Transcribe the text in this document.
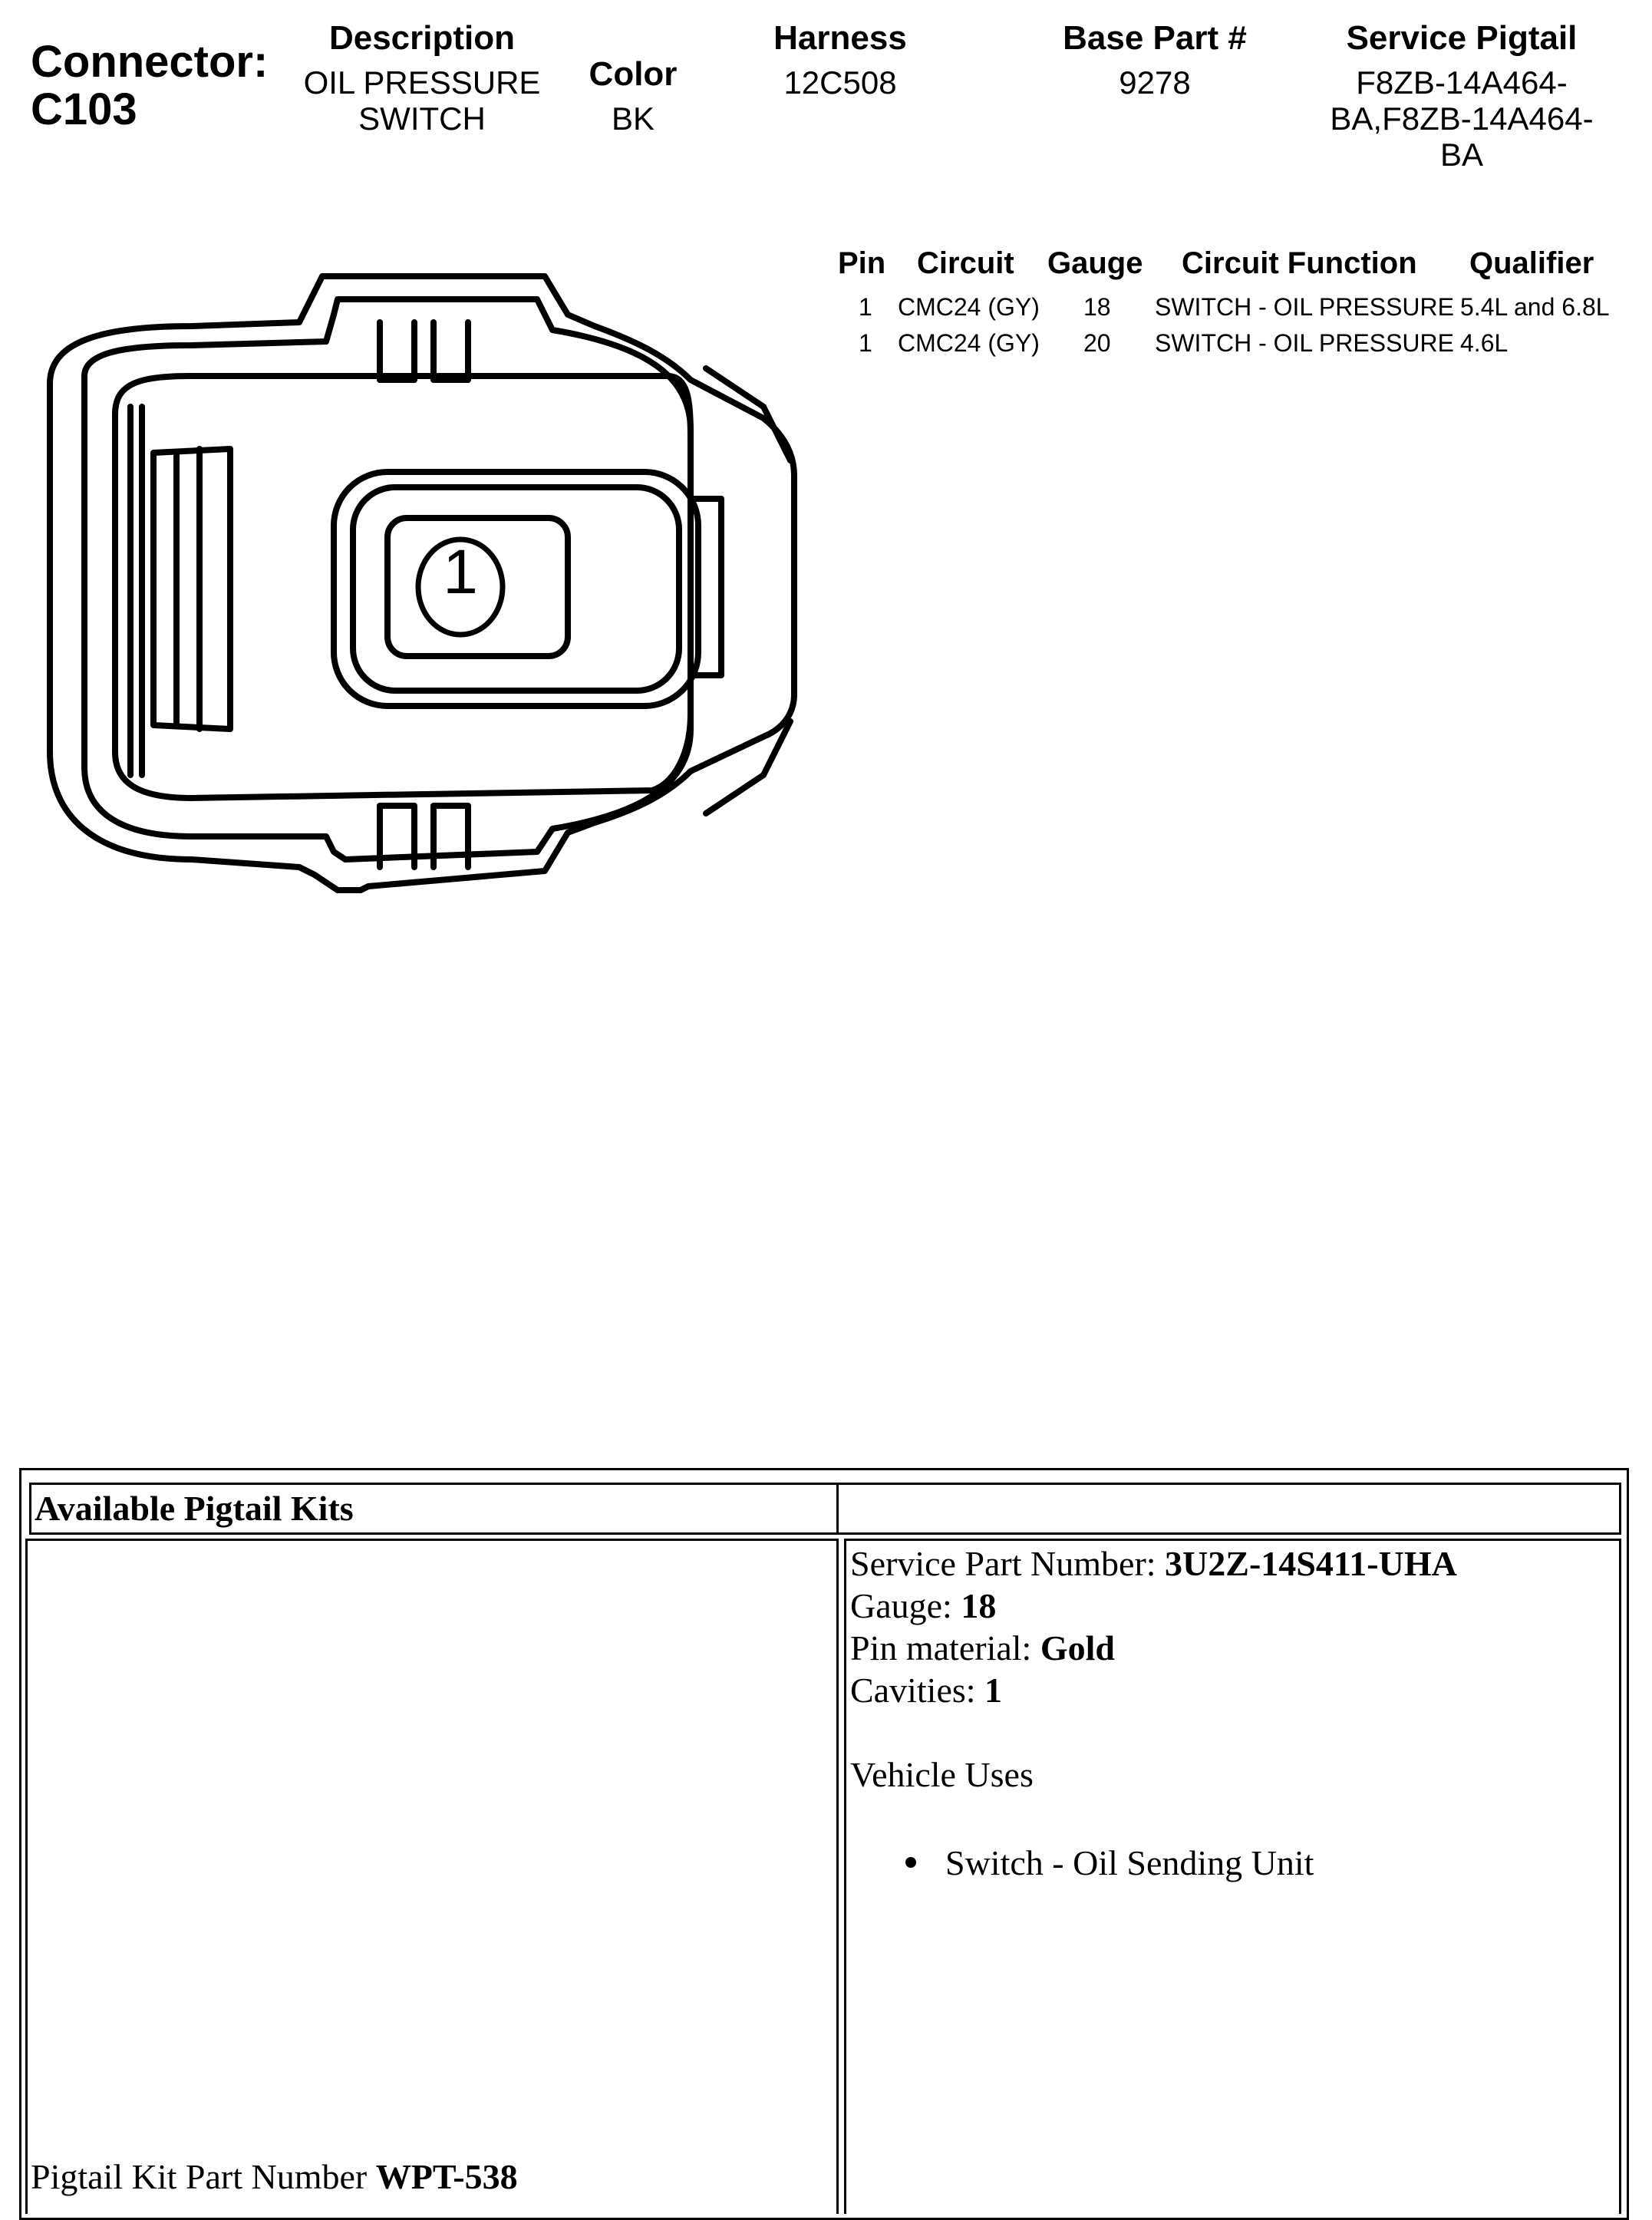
Connector:
C103
Description
OIL PRESSURE
SWITCH
Color
BK
Harness
12C508
Base Part #
9278
Service Pigtail
F8ZB-14A464-
BA,F8ZB-14A464-
BA
Pin Circuit Gauge Circuit Function Qualifier
1 CMC24 (GY) 18 SWITCH - OIL PRESSURE 5.4L and 6.8L
1 CMC24 (GY) 20 SWITCH - OIL PRESSURE 4.6L
1
Available Pigtail Kits
Service Part Number: 3U2Z-14S411-UHA
Gauge: 18
Pin material: Gold
Cavities: 1
Vehicle Uses
Switch - Oil Sending Unit
Pigtail Kit Part Number WPT-538
